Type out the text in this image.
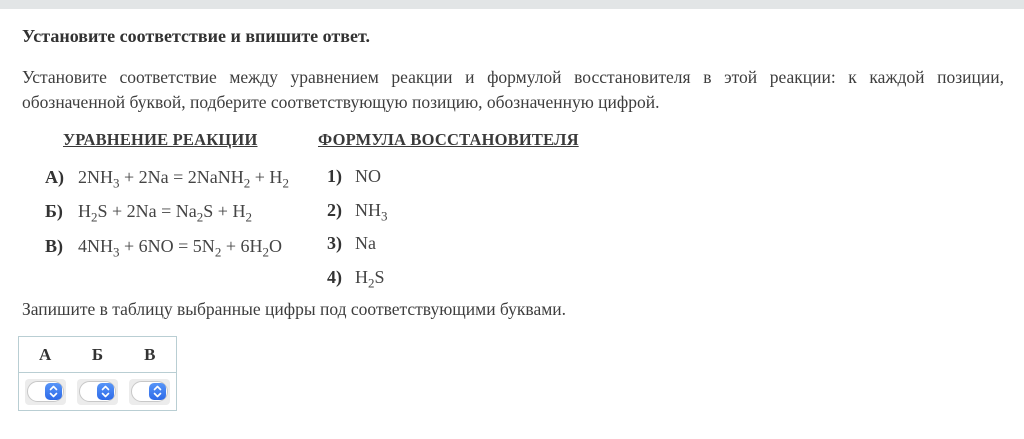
Установите соответствие и впишите ответ.
Установите соответствие между уравнением реакции и формулой восстановителя в этой реакции: к каждой позиции, обозначенной буквой, подберите соответствующую позицию, обозначенную цифрой.
УРАВНЕНИЕ РЕАКЦИИ	ФОРМУЛА ВОССТАНОВИТЕЛЯ
А) $2NH_3 + 2Na$ = 2NaNH$_2$ + $H_2$
Б) $H_2S + 2Na = Na_2S + H_2$
В) $4NH_3 + 6NO = 5N_2 + 6H_2O$
1) NO
2) $NH_3$
3) Na
4) $H_2S$
Запишите в таблицу выбранные цифры под соответствующими буквами.
А	Б	В
